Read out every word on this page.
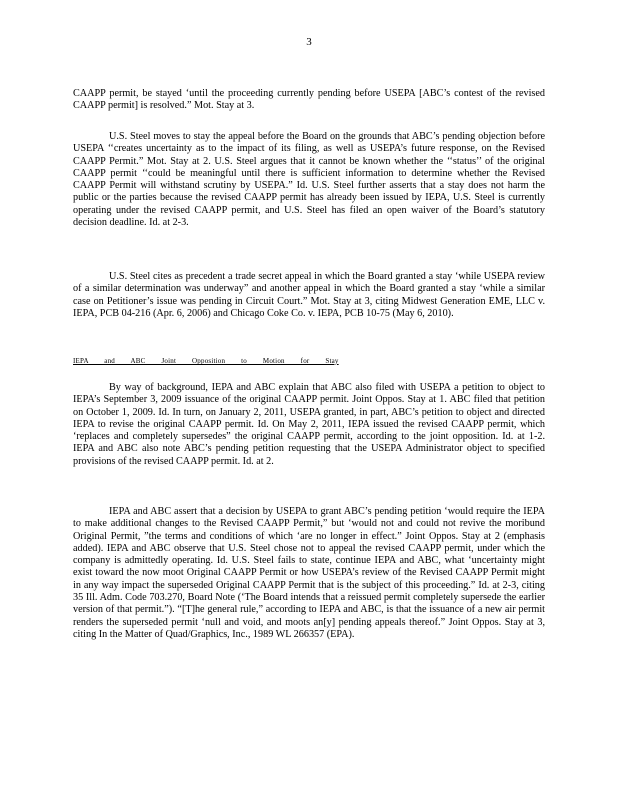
3

CAAPP permit, be stayed ‘until the proceeding currently pending before USEPA [ABC’s contest of the revised CAAPP permit] is resolved.” Mot. Stay at 3.

U.S. Steel moves to stay the appeal before the Board on the grounds that ABC’s pending objection before USEPA ‘‘creates uncertainty as to the impact of its filing, as well as USEPA’s future response, on the Revised CAAPP Permit.” Mot. Stay at 2. U.S. Steel argues that it cannot be known whether the ‘‘status’’ of the original CAAPP permit ‘‘could be meaningful until there is sufficient information to determine whether the Revised CAAPP Permit will withstand scrutiny by USEPA.” Id. U.S. Steel further asserts that a stay does not harm the public or the parties because the revised CAAPP permit has already been issued by IEPA, U.S. Steel is currently operating under the revised CAAPP permit, and U.S. Steel has filed an open waiver of the Board’s statutory decision deadline. Id. at 2-3.

U.S. Steel cites as precedent a trade secret appeal in which the Board granted a stay ‘while USEPA review of a similar determination was underway” and another appeal in which the Board granted a stay ‘while a similar case on Petitioner’s issue was pending in Circuit Court.” Mot. Stay at 3, citing Midwest Generation EME, LLC v. IEPA, PCB 04-216 (Apr. 6, 2006) and Chicago Coke Co. v. IEPA, PCB 10-75 (May 6, 2010).

IEPA and ABC Joint Opposition to Motion for Stay

By way of background, IEPA and ABC explain that ABC also filed with USEPA a petition to object to IEPA’s September 3, 2009 issuance of the original CAAPP permit. Joint Oppos. Stay at 1. ABC filed that petition on October 1, 2009. Id. In turn, on January 2, 2011, USEPA granted, in part, ABC’s petition to object and directed IEPA to revise the original CAAPP permit. Id. On May 2, 2011, IEPA issued the revised CAAPP permit, which ‘replaces and completely supersedes” the original CAAPP permit, according to the joint opposition. Id. at 1-2. IEPA and ABC also note ABC’s pending petition requesting that the USEPA Administrator object to specified provisions of the revised CAAPP permit. Id. at 2.

IEPA and ABC assert that a decision by USEPA to grant ABC’s pending petition ‘would require the IEPA to make additional changes to the Revised CAAPP Permit,” but ‘would not and could not revive the moribund Original Permit, ”the terms and conditions of which ‘are no longer in effect.” Joint Oppos. Stay at 2 (emphasis added). IEPA and ABC observe that U.S. Steel chose not to appeal the revised CAAPP permit, under which the company is admittedly operating. Id. U.S. Steel fails to state, continue IEPA and ABC, what ‘uncertainty might exist toward the now moot Original CAAPP Permit or how USEPA’s review of the Revised CAAPP Permit might in any way impact the superseded Original CAAPP Permit that is the subject of this proceeding.” Id. at 2-3, citing 35 Ill. Adm. Code 703.270, Board Note (‘The Board intends that a reissued permit completely supersede the earlier version of that permit.”). “[T]he general rule,” according to IEPA and ABC, is that the issuance of a new air permit renders the superseded permit ‘null and void, and moots an[y] pending appeals thereof.” Joint Oppos. Stay at 3, citing In the Matter of Quad/Graphics, Inc., 1989 WL 266357 (EPA).
